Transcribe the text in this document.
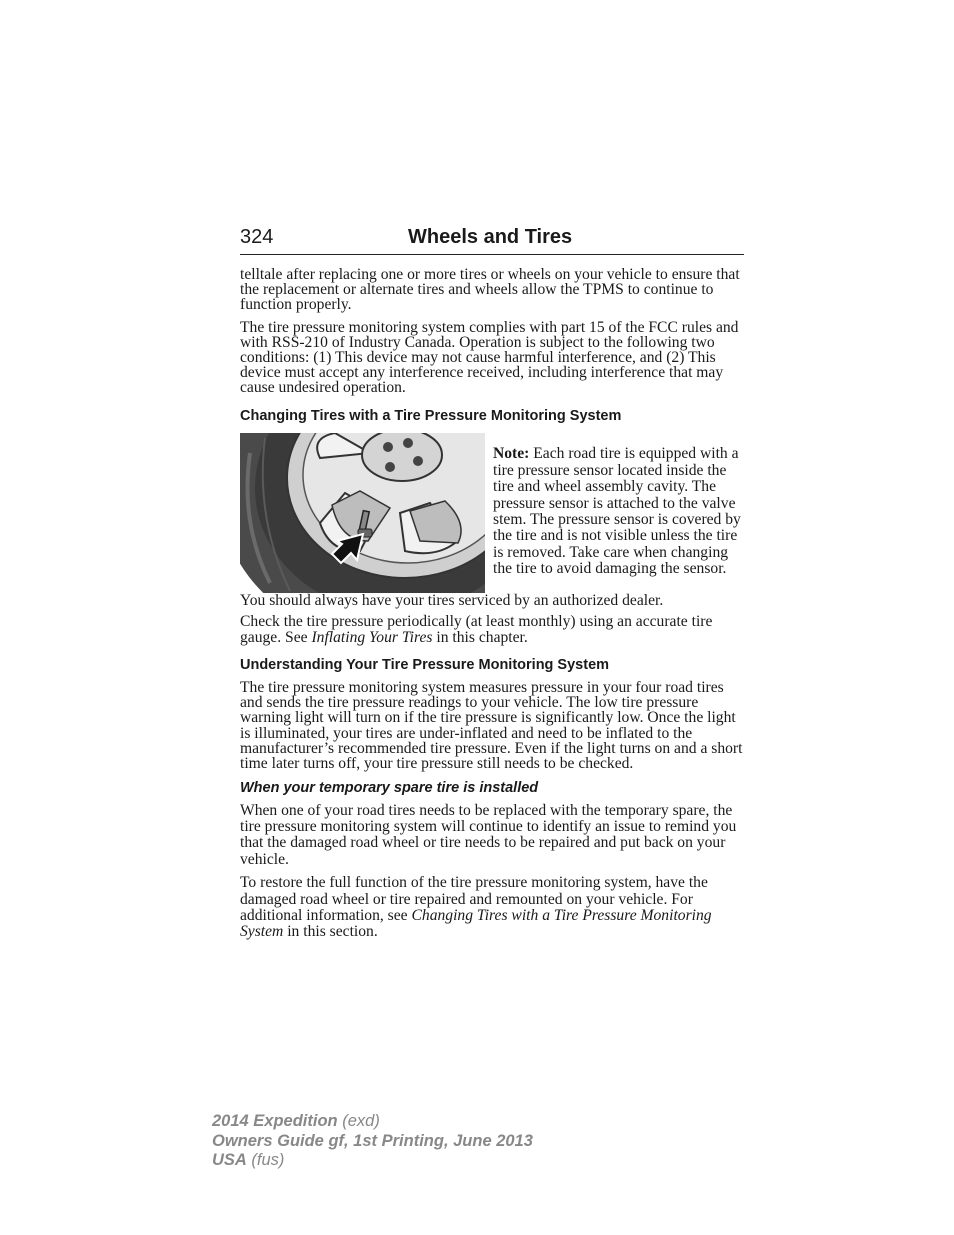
324	Wheels and Tires

telltale after replacing one or more tires or wheels on your vehicle to ensure that the replacement or alternate tires and wheels allow the TPMS to continue to function properly.

The tire pressure monitoring system complies with part 15 of the FCC rules and with RSS-210 of Industry Canada. Operation is subject to the following two conditions: (1) This device may not cause harmful interference, and (2) This device must accept any interference received, including interference that may cause undesired operation.

Changing Tires with a Tire Pressure Monitoring System

Note: Each road tire is equipped with a tire pressure sensor located inside the tire and wheel assembly cavity. The pressure sensor is attached to the valve stem. The pressure sensor is covered by the tire and is not visible unless the tire is removed. Take care when changing the tire to avoid damaging the sensor.

You should always have your tires serviced by an authorized dealer.

Check the tire pressure periodically (at least monthly) using an accurate tire gauge. See Inflating Your Tires in this chapter.

Understanding Your Tire Pressure Monitoring System

The tire pressure monitoring system measures pressure in your four road tires and sends the tire pressure readings to your vehicle. The low tire pressure warning light will turn on if the tire pressure is significantly low. Once the light is illuminated, your tires are under-inflated and need to be inflated to the manufacturer’s recommended tire pressure. Even if the light turns on and a short time later turns off, your tire pressure still needs to be checked.

When your temporary spare tire is installed

When one of your road tires needs to be replaced with the temporary spare, the tire pressure monitoring system will continue to identify an issue to remind you that the damaged road wheel or tire needs to be repaired and put back on your vehicle.

To restore the full function of the tire pressure monitoring system, have the damaged road wheel or tire repaired and remounted on your vehicle. For additional information, see Changing Tires with a Tire Pressure Monitoring System in this section.

2014 Expedition (exd)
Owners Guide gf, 1st Printing, June 2013
USA (fus)
